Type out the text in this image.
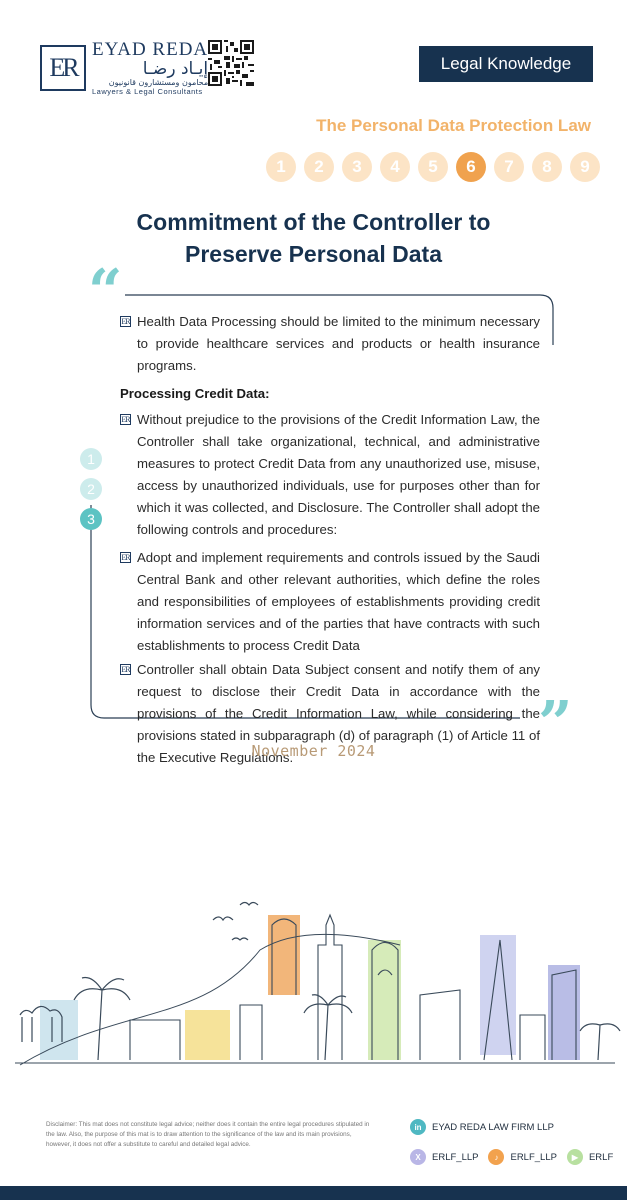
ER
EYAD REDA
إيـاد رضـا
محامون ومستشارون قانونيون
Lawyers & Legal Consultants
Legal Knowledge
The Personal Data Protection Law
1	2	3	4	5	6	7	8	9
Commitment of the Controller to
Preserve Personal Data
“
”
1
2
3
ER Health Data Processing should be limited to the minimum necessary to provide healthcare services and products or health insurance programs.
Processing Credit Data:
ER Without prejudice to the provisions of the Credit Information Law, the Controller shall take organizational, technical, and administrative measures to protect Credit Data from any unauthorized use, misuse, access by unauthorized individuals, use for purposes other than for which it was collected, and Disclosure. The Controller shall adopt the following controls and procedures:
ER Adopt and implement requirements and controls issued by the Saudi Central Bank and other relevant authorities, which define the roles and responsibilities of employees of establishments providing credit information services and of the parties that have contracts with such establishments to process Credit Data
ER Controller shall obtain Data Subject consent and notify them of any request to disclose their Credit Data in accordance with the provisions of the Credit Information Law, while considering the provisions stated in subparagraph (d) of paragraph (1) of Article 11 of the Executive Regulations.
November 2024
Disclaimer: This mat does not constitute legal advice; neither does it contain the entire legal procedures stipulated in the law. Also, the purpose of this mat is to draw attention to the significance of the law and its main provisions, however, it does not offer a substitute to careful and detailed legal advice.
in	EYAD REDA LAW FIRM LLP
X	ERLF_LLP	♪	ERLF_LLP	▶	ERLF
